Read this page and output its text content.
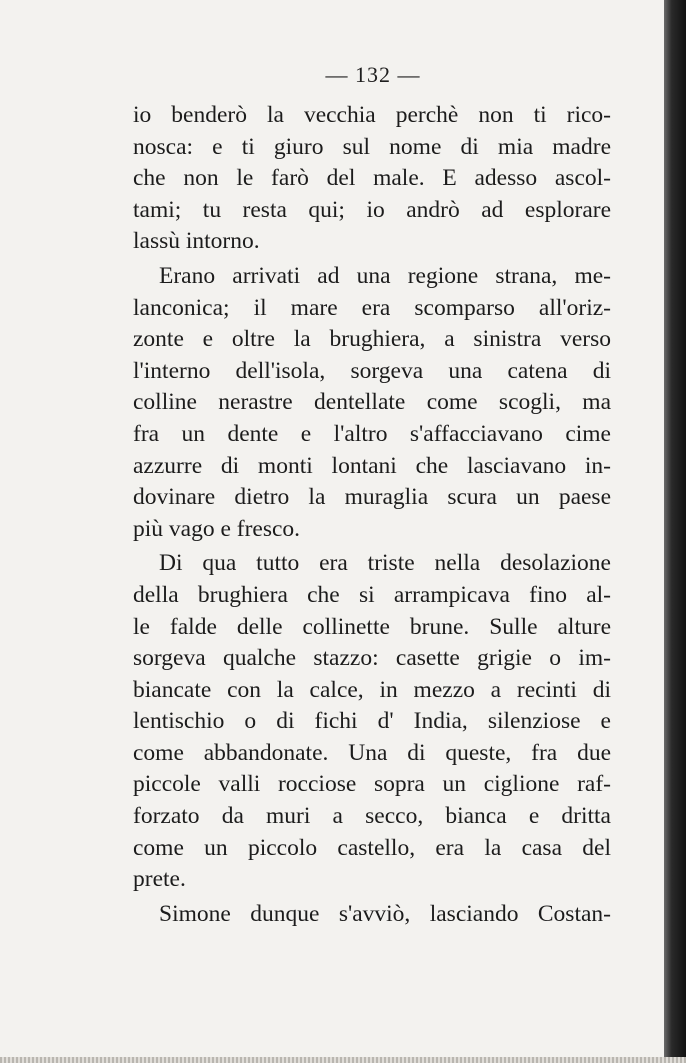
— 132 —
io benderò la vecchia perchè non ti rico-
nosca: e ti giuro sul nome di mia madre
che non le farò del male. E adesso ascol-
tami; tu resta qui; io andrò ad esplorare
lassù intorno.
Erano arrivati ad una regione strana, me-
lanconica; il mare era scomparso all'oriz-
zonte e oltre la brughiera, a sinistra verso
l'interno dell'isola, sorgeva una catena di
colline nerastre dentellate come scogli, ma
fra un dente e l'altro s'affacciavano cime
azzurre di monti lontani che lasciavano in-
dovinare dietro la muraglia scura un paese
più vago e fresco.
Di qua tutto era triste nella desolazione
della brughiera che si arrampicava fino al-
le falde delle collinette brune. Sulle alture
sorgeva qualche stazzo: casette grigie o im-
biancate con la calce, in mezzo a recinti di
lentischio o di fichi d' India, silenziose e
come abbandonate. Una di queste, fra due
piccole valli rocciose sopra un ciglione raf-
forzato da muri a secco, bianca e dritta
come un piccolo castello, era la casa del
prete.
Simone dunque s'avviò, lasciando Costan-
